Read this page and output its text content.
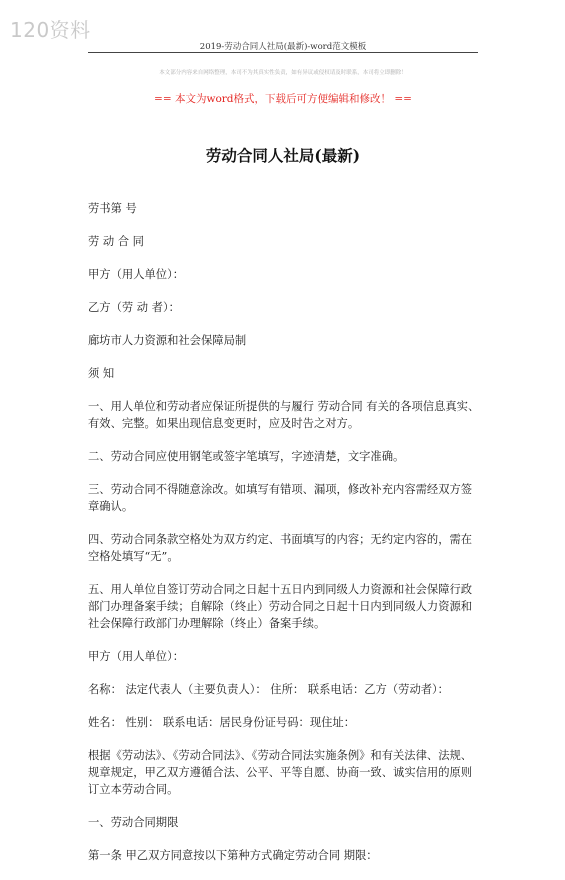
120资料
2019-劳动合同人社局(最新)-word范文模板
本文部分内容来自网络整理，本司不为其真实性负责，如有异议或侵权请及时联系，本司将立即删除！
== 本文为word格式，下载后可方便编辑和修改！ ==
劳动合同人社局(最新)

劳书第 号

劳 动 合 同

甲方（用人单位）：

乙方（劳 动 者）：

廊坊市人力资源和社会保障局制

须 知

一、用人单位和劳动者应保证所提供的与履行 劳动合同 有关的各项信息真实、有效、完整。如果出现信息变更时，应及时告之对方。

二、劳动合同应使用钢笔或签字笔填写，字迹清楚，文字准确。

三、劳动合同不得随意涂改。如填写有错项、漏项，修改补充内容需经双方签章确认。

四、劳动合同条款空格处为双方约定、书面填写的内容；无约定内容的，需在空格处填写“无”。

五、用人单位自签订劳动合同之日起十五日内到同级人力资源和社会保障行政部门办理备案手续；自解除（终止）劳动合同之日起十日内到同级人力资源和社会保障行政部门办理解除（终止）备案手续。

甲方（用人单位）：

名称： 法定代表人（主要负责人）： 住所： 联系电话：乙方（劳动者）：

姓名： 性别： 联系电话：居民身份证号码：现住址：

根据《劳动法》、《劳动合同法》、《劳动合同法实施条例》和有关法律、法规、规章规定，甲乙双方遵循合法、公平、平等自愿、协商一致、诚实信用的原则订立本劳动合同。

一、劳动合同期限

第一条 甲乙双方同意按以下第种方式确定劳动合同 期限：
